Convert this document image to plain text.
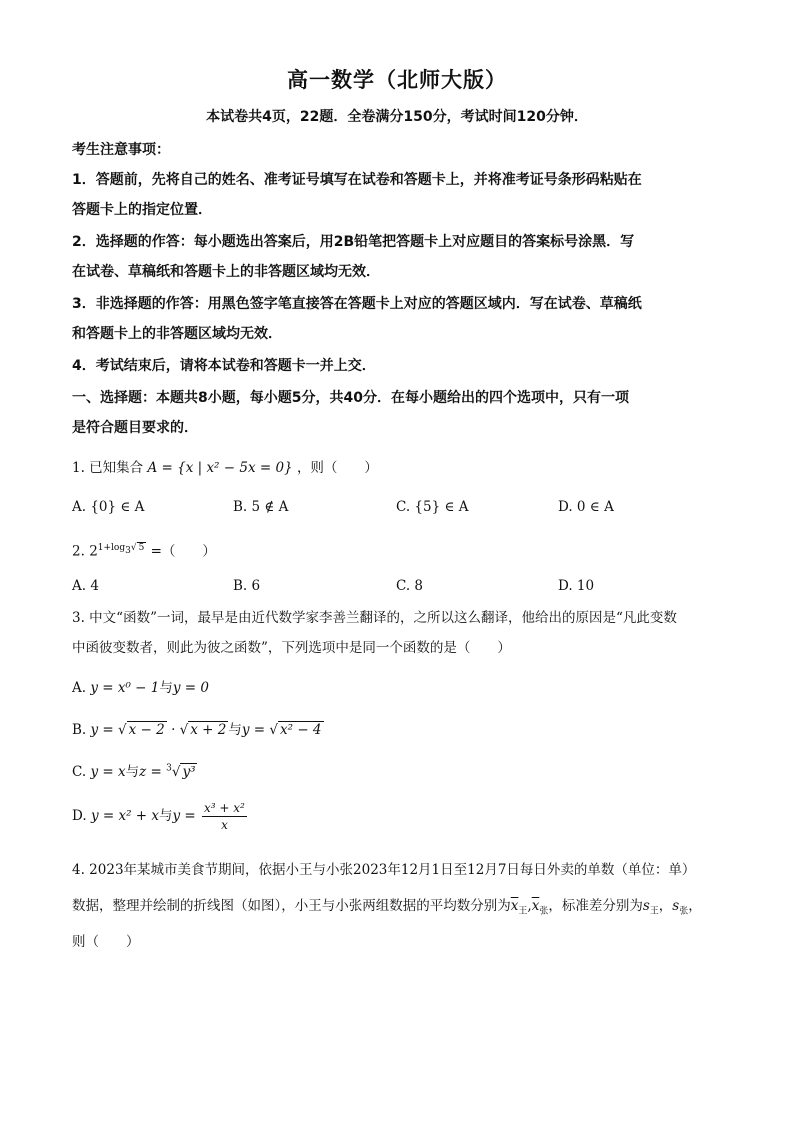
高一数学（北师大版）
本试卷共4页，22题．全卷满分150分，考试时间120分钟．
考生注意事项：
1．答题前，先将自己的姓名、准考证号填写在试卷和答题卡上，并将准考证号条形码粘贴在
答题卡上的指定位置．
2．选择题的作答：每小题选出答案后，用2B铅笔把答题卡上对应题目的答案标号涂黑．写
在试卷、草稿纸和答题卡上的非答题区域均无效．
3．非选择题的作答：用黑色签字笔直接答在答题卡上对应的答题区域内．写在试卷、草稿纸
和答题卡上的非答题区域均无效．
4．考试结束后，请将本试卷和答题卡一并上交．
一、选择题：本题共8小题，每小题5分，共40分．在每小题给出的四个选项中，只有一项
是符合题目要求的．
1. 已知集合 A = {x | x² − 5x = 0} ，则（　　）
A. {0} ∈ A	B. 5 ∉ A	C. {5} ∈ A	D. 0 ∈ A
2. $2^{1+log_3√ 5}$ =（　　）
A. 4	B. 6	C. 8	D. 10
3. 中文“函数”一词，最早是由近代数学家李善兰翻译的，之所以这么翻译，他给出的原因是“凡此变数
中函彼变数者，则此为彼之函数”，下列选项中是同一个函数的是（　　）
A. y = x⁰ − 1与y = 0
B. y = √ x − 2 · √ x + 2 与y = √ x² − 4
C. y = x与z = $^3$√ y³
D. y = x² + x与$y = \frac{\text{x³ + x²}}{x}$
4. 2023年某城市美食节期间，依据小王与小张2023年12月1日至12月7日每日外卖的单数（单位：单）
数据，整理并绘制的折线图（如图），小王与小张两组数据的平均数分别为$\overline{x}_王,\overline{x}_张$，标准差分别为$s_王$，$s_张$，
则（　　）
